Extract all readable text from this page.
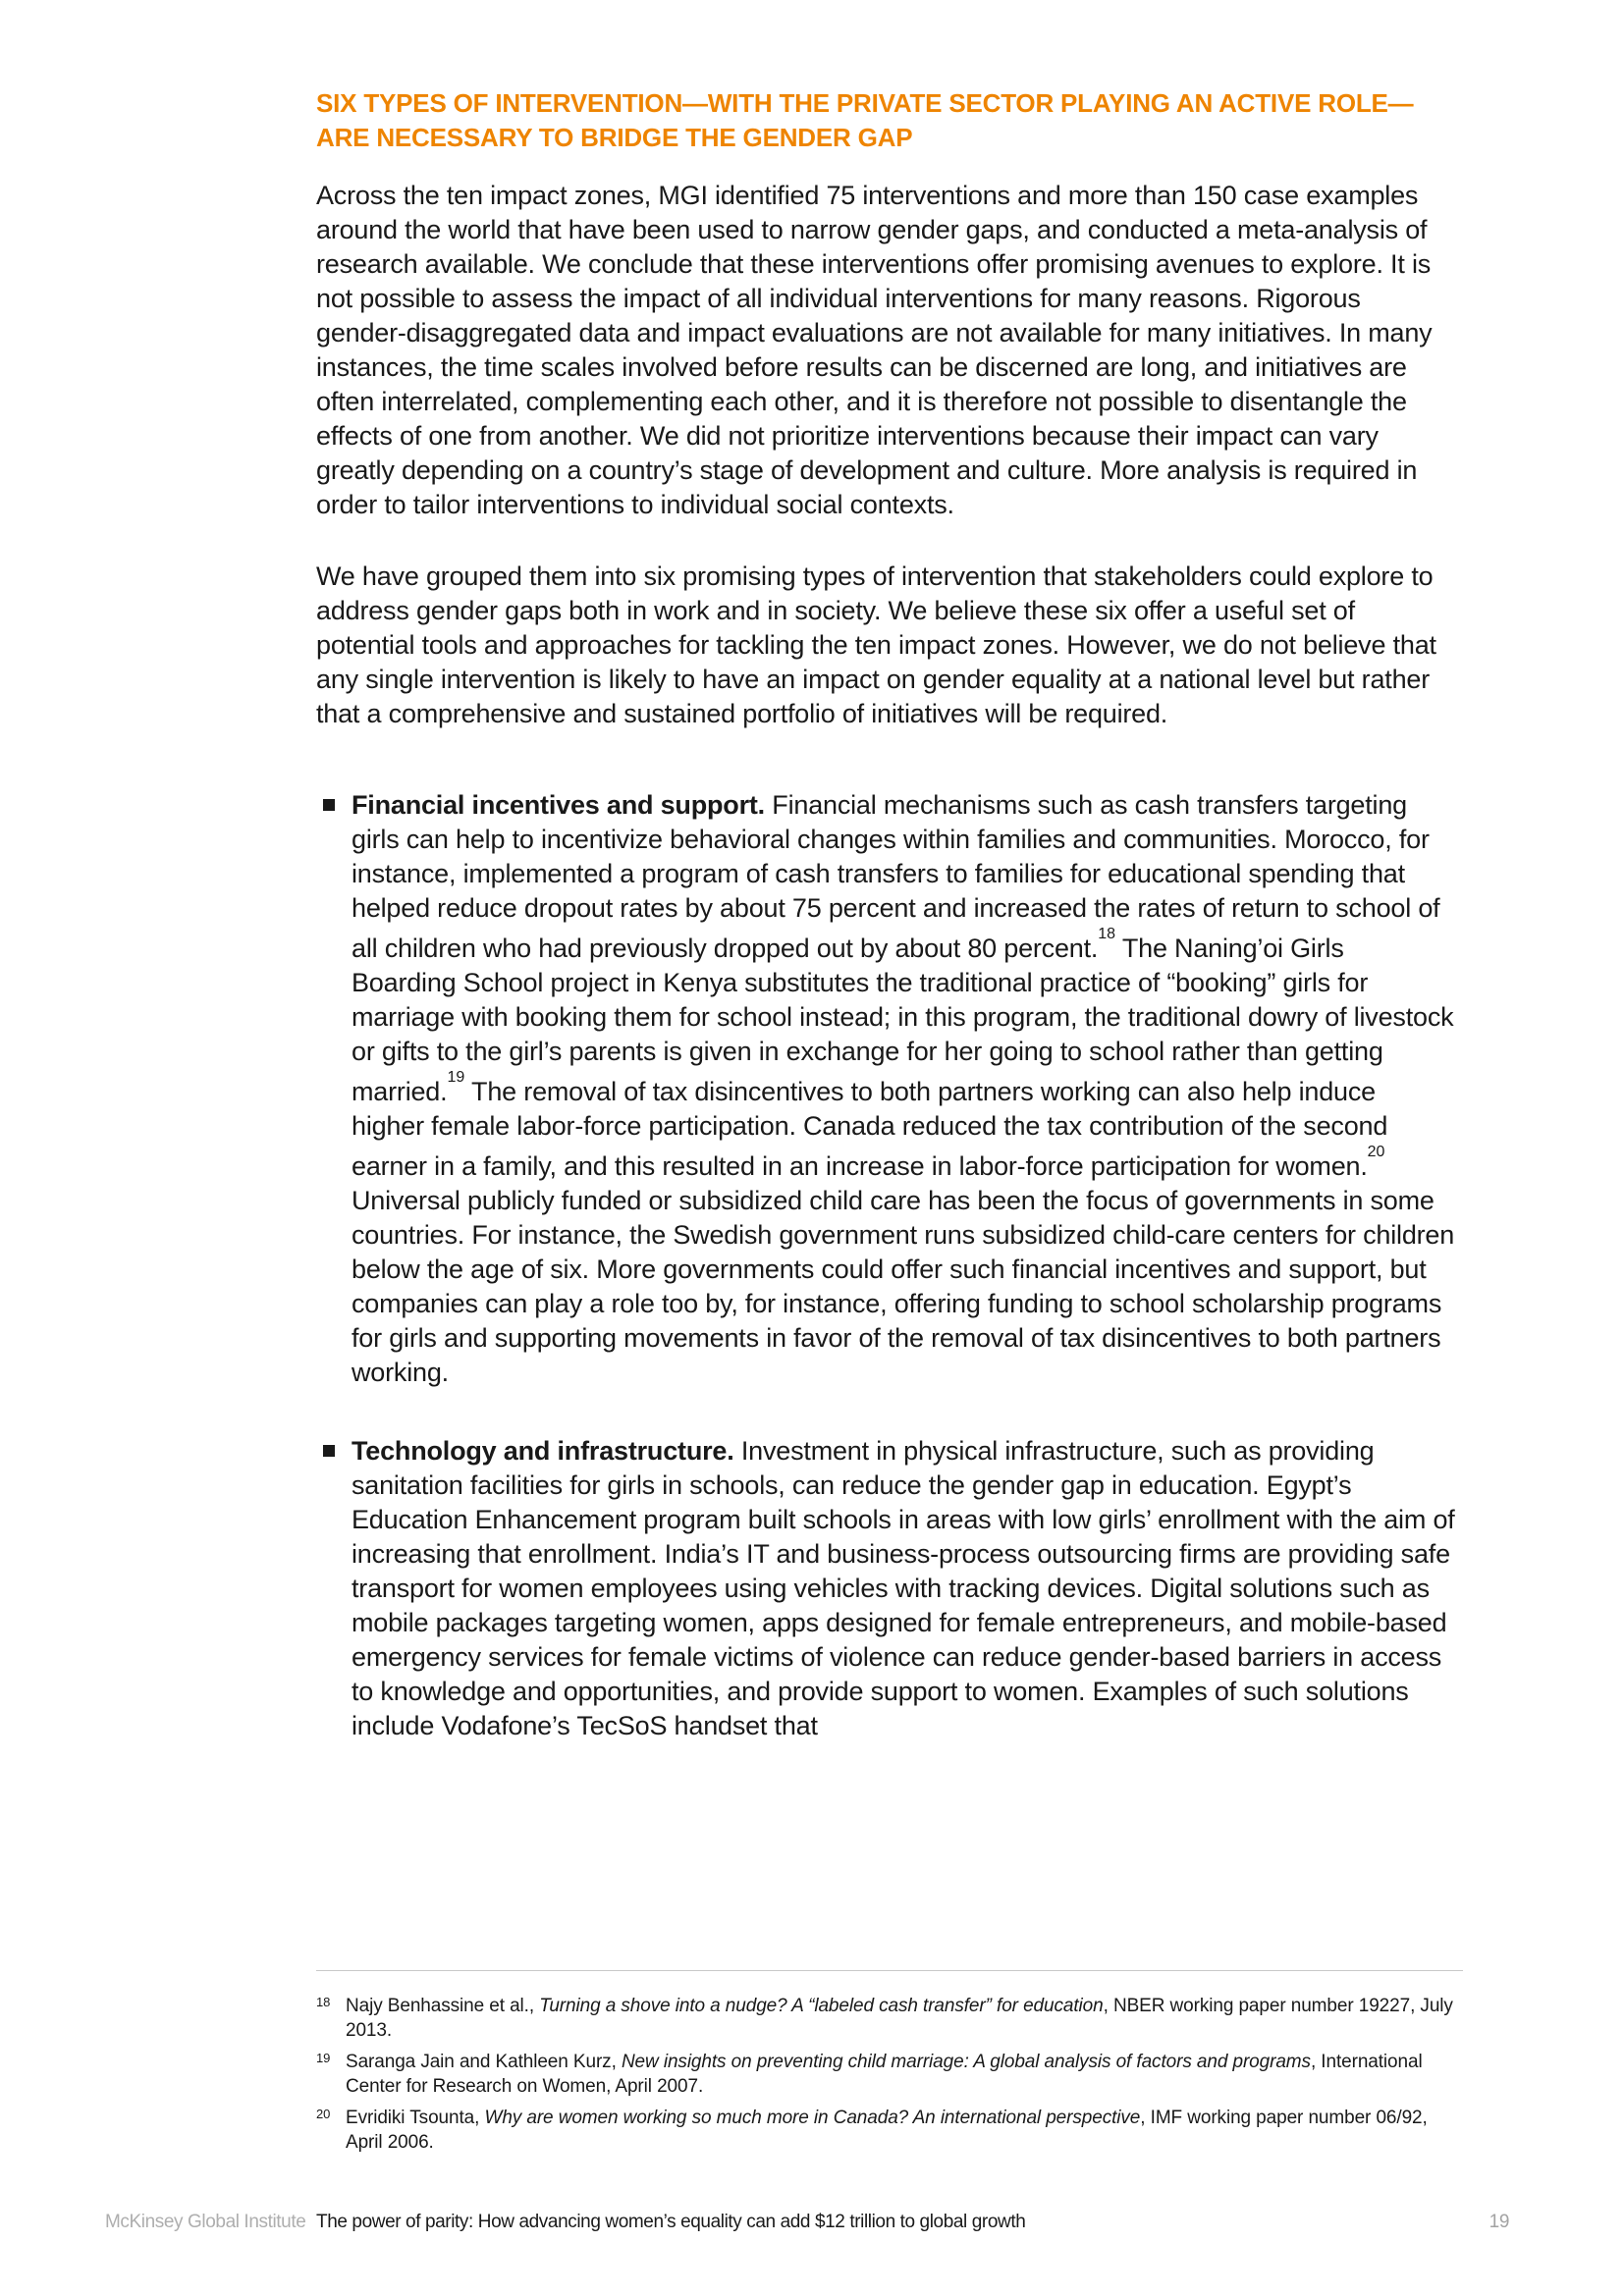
SIX TYPES OF INTERVENTION—WITH THE PRIVATE SECTOR PLAYING AN ACTIVE ROLE—ARE NECESSARY TO BRIDGE THE GENDER GAP

Across the ten impact zones, MGI identified 75 interventions and more than 150 case examples around the world that have been used to narrow gender gaps, and conducted a meta-analysis of research available. We conclude that these interventions offer promising avenues to explore. It is not possible to assess the impact of all individual interventions for many reasons. Rigorous gender-disaggregated data and impact evaluations are not available for many initiatives. In many instances, the time scales involved before results can be discerned are long, and initiatives are often interrelated, complementing each other, and it is therefore not possible to disentangle the effects of one from another. We did not prioritize interventions because their impact can vary greatly depending on a country’s stage of development and culture. More analysis is required in order to tailor interventions to individual social contexts.

We have grouped them into six promising types of intervention that stakeholders could explore to address gender gaps both in work and in society. We believe these six offer a useful set of potential tools and approaches for tackling the ten impact zones. However, we do not believe that any single intervention is likely to have an impact on gender equality at a national level but rather that a comprehensive and sustained portfolio of initiatives will be required.

Financial incentives and support. Financial mechanisms such as cash transfers targeting girls can help to incentivize behavioral changes within families and communities. Morocco, for instance, implemented a program of cash transfers to families for educational spending that helped reduce dropout rates by about 75 percent and increased the rates of return to school of all children who had previously dropped out by about 80 percent.$^{18}$ The Naning’oi Girls Boarding School project in Kenya substitutes the traditional practice of “booking” girls for marriage with booking them for school instead; in this program, the traditional dowry of livestock or gifts to the girl’s parents is given in exchange for her going to school rather than getting married.$^{19}$ The removal of tax disincentives to both partners working can also help induce higher female labor-force participation. Canada reduced the tax contribution of the second earner in a family, and this resulted in an increase in labor-force participation for women.$^{20}$ Universal publicly funded or subsidized child care has been the focus of governments in some countries. For instance, the Swedish government runs subsidized child-care centers for children below the age of six. More governments could offer such financial incentives and support, but companies can play a role too by, for instance, offering funding to school scholarship programs for girls and supporting movements in favor of the removal of tax disincentives to both partners working.
Technology and infrastructure. Investment in physical infrastructure, such as providing sanitation facilities for girls in schools, can reduce the gender gap in education. Egypt’s Education Enhancement program built schools in areas with low girls’ enrollment with the aim of increasing that enrollment. India’s IT and business-process outsourcing firms are providing safe transport for women employees using vehicles with tracking devices. Digital solutions such as mobile packages targeting women, apps designed for female entrepreneurs, and mobile-based emergency services for female victims of violence can reduce gender-based barriers in access to knowledge and opportunities, and provide support to women. Examples of such solutions include Vodafone’s TecSoS handset that
18 Najy Benhassine et al., Turning a shove into a nudge? A “labeled cash transfer” for education, NBER working paper number 19227, July 2013.
19 Saranga Jain and Kathleen Kurz, New insights on preventing child marriage: A global analysis of factors and programs, International Center for Research on Women, April 2007.
20 Evridiki Tsounta, Why are women working so much more in Canada? An international perspective, IMF working paper number 06/92, April 2006.
McKinsey Global Institute The power of parity: How advancing women’s equality can add $12 trillion to global growth	19
